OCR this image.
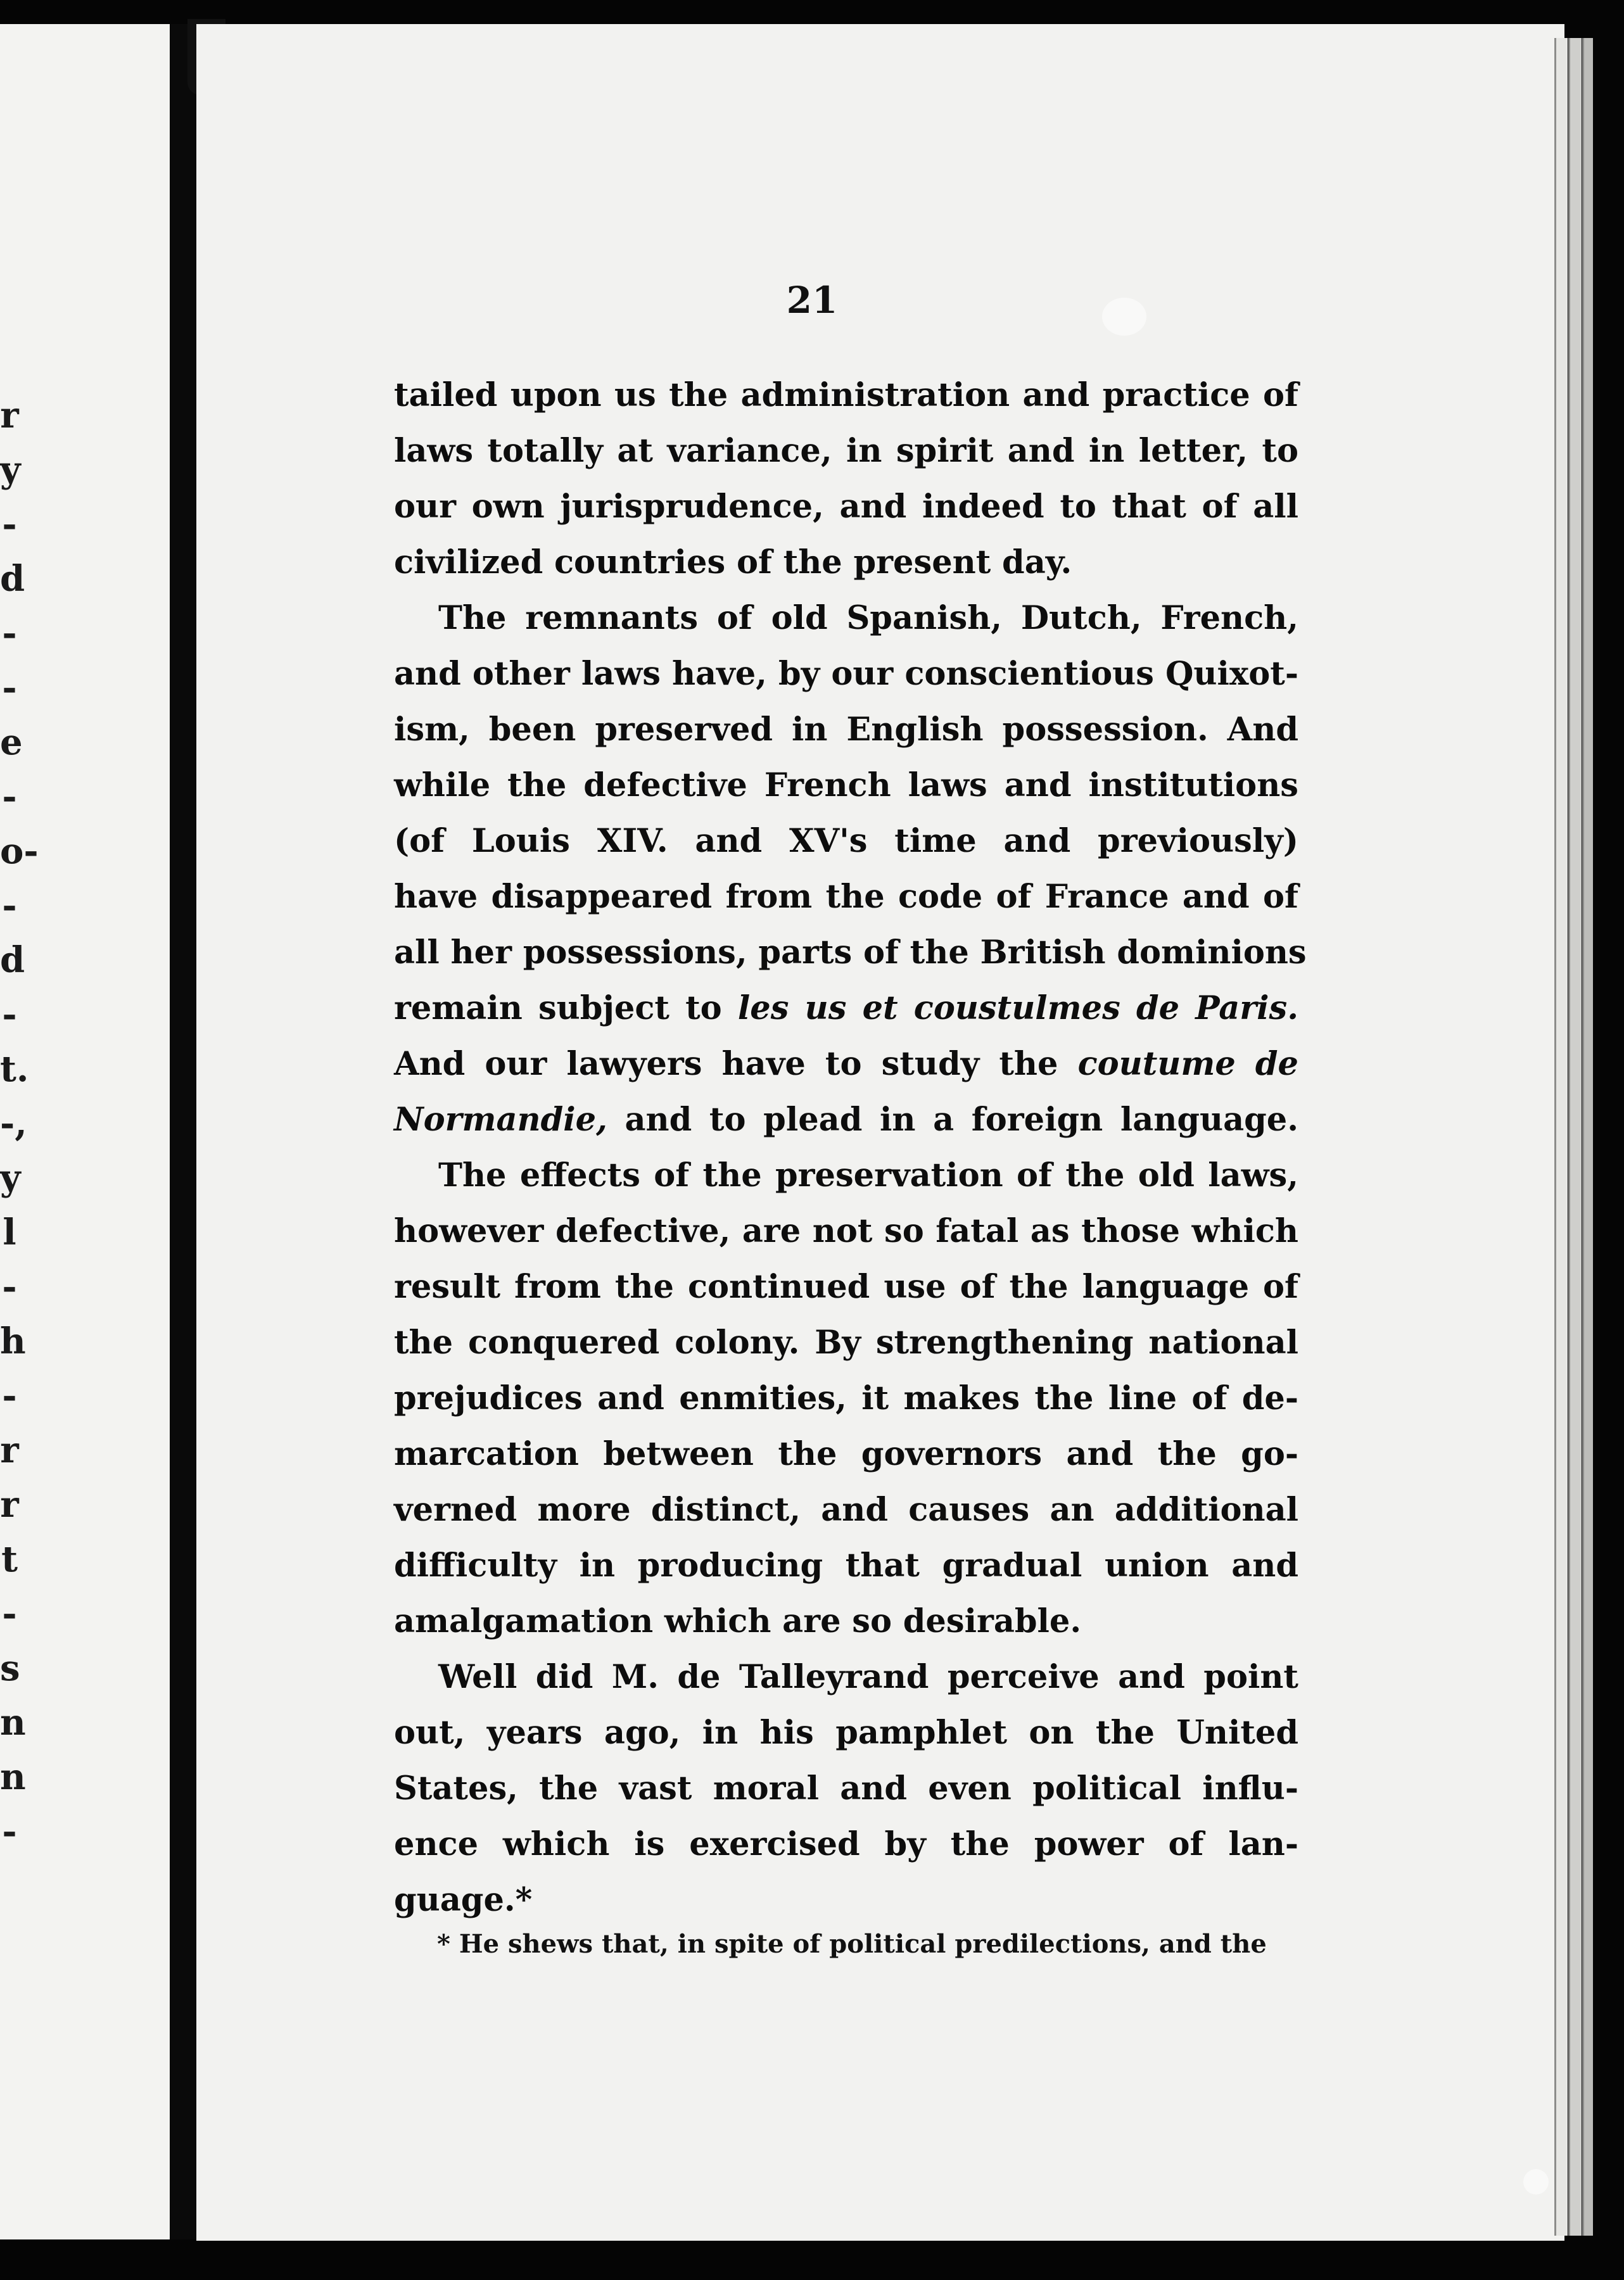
r
y
-
d
-
-
e
-
o-
-
d
-
t.
-,
y
l
-
h
-
r
r
t
-
s
n
n
-
21

tailed upon us the administration and practice of
laws totally at variance, in spirit and in letter, to
our own jurisprudence, and indeed to that of all
civilized countries of the present day.

The remnants of old Spanish, Dutch, French,
and other laws have, by our conscientious Quixot-
ism, been preserved in English possession. And
while the defective French laws and institutions
(of Louis XIV. and XV's time and previously)
have disappeared from the code of France and of
all her possessions, parts of the British dominions
remain subject to les us et coustulmes de Paris.
And our lawyers have to study the coutume de
Normandie, and to plead in a foreign language.

The effects of the preservation of the old laws,
however defective, are not so fatal as those which
result from the continued use of the language of
the conquered colony. By strengthening national
prejudices and enmities, it makes the line of de-
marcation between the governors and the go-
verned more distinct, and causes an additional
difficulty in producing that gradual union and
amalgamation which are so desirable.

Well did M. de Talleyrand perceive and point
out, years ago, in his pamphlet on the United
States, the vast moral and even political influ-
ence which is exercised by the power of lan-
guage.*

* He shews that, in spite of political predilections, and the
